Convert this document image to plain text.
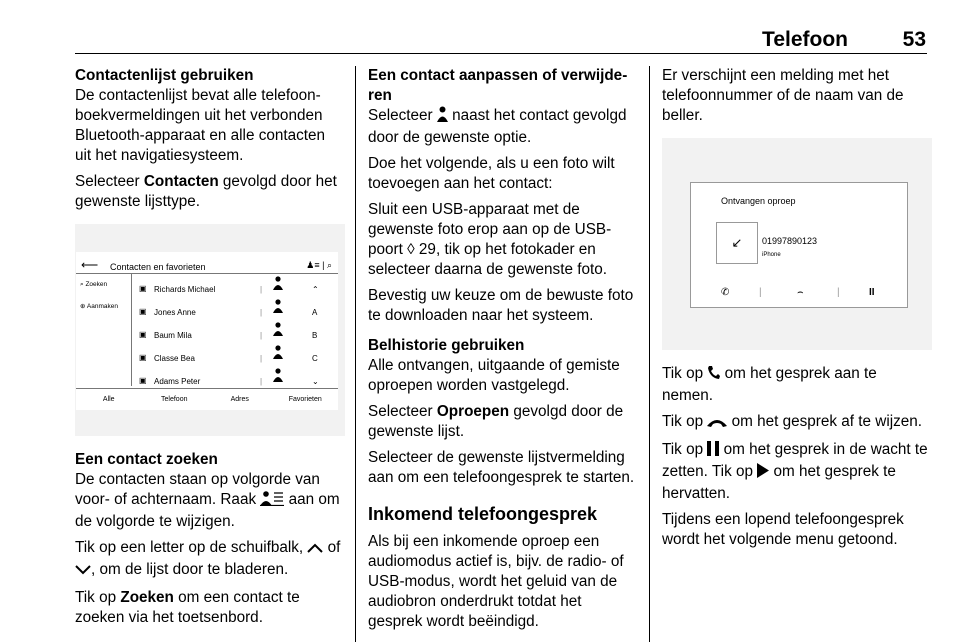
Telefoon	53
Contactenlijst gebruiken

De contactenlijst bevat alle telefoonboekvermeldingen uit het verbonden Bluetooth-apparaat en alle contacten uit het navigatiesysteem.

Selecteer Contacten gevolgd door het gewenste lijsttype.

⟵ Contacten en favorieten	♟≡ | ⌕
⌕ Zoeken
⊕ Aanmaken
▣ Richards Michael	|	⌃
▣ Jones Anne	|	A
▣ Baum Mila	|	B
▣ Classe Bea	|	C
▣ Adams Peter	|	⌄
Alle	Telefoon	Adres	Favorieten
Een contact zoeken

De contacten staan op volgorde van voor- of achternaam. Raak  aan om de volgorde te wijzigen.

Tik op een letter op de schuifbalk,  of , om de lijst door te bladeren.

Tik op Zoeken om een contact te zoeken via het toetsenbord.

Een contact aanpassen of verwijderen

Selecteer  naast het contact gevolgd door de gewenste optie.

Doe het volgende, als u een foto wilt toevoegen aan het contact:

Sluit een USB-apparaat met de gewenste foto erop aan op de USB-poort ◊ 29, tik op het fotokader en selecteer daarna de gewenste foto.

Bevestig uw keuze om de bewuste foto te downloaden naar het systeem.

Belhistorie gebruiken

Alle ontvangen, uitgaande of gemiste oproepen worden vastgelegd.

Selecteer Oproepen gevolgd door de gewenste lijst.

Selecteer de gewenste lijstvermelding aan om een telefoongesprek te starten.

Inkomend telefoongesprek

Als bij een inkomende oproep een audiomodus actief is, bijv. de radio- of USB-modus, wordt het geluid van de audiobron onderdrukt totdat het gesprek wordt beëindigd.

Er verschijnt een melding met het telefoonnummer of de naam van de beller.

Ontvangen oproep
↙	01997890123
iPhone
✆	|	⌢	|	II

Tik op  om het gesprek aan te nemen.

Tik op  om het gesprek af te wijzen.

Tik op  om het gesprek in de wacht te zetten. Tik op  om het gesprek te hervatten.

Tijdens een lopend telefoongesprek wordt het volgende menu getoond.
